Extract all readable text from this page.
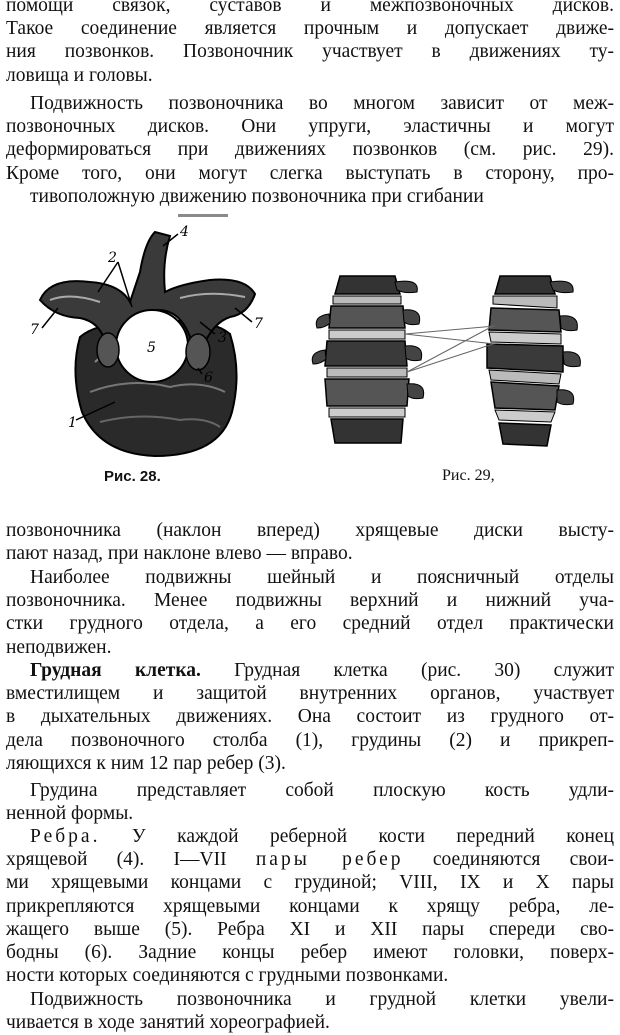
помощи связок, суставов и межпозвоночных дисков.
Такое соединение является прочным и допускает движе-
ния позвонков. Позвоночник участвует в движениях ту-
ловища и головы.

Подвижность позвоночника во многом зависит от меж-
позвоночных дисков. Они упруги, эластичны и могут
деформироваться при движениях позвонков (см. рис. 29).
Кроме того, они могут слегка выступать в сторону, про-
тивоположную движению позвоночника при сгибании

1
2
3
4
5
6
7	7
Рис. 28.	Рис. 29,

позвоночника (наклон вперед) хрящевые диски высту-
пают назад, при наклоне влево — вправо.

Наиболее подвижны шейный и поясничный отделы
позвоночника. Менее подвижны верхний и нижний уча-
стки грудного отдела, а его средний отдел практически
неподвижен.

Грудная клетка. Грудная клетка (рис. 30) служит
вместилищем и защитой внутренних органов, участвует
в дыхательных движениях. Она состоит из грудного от-
дела позвоночного столба (1), грудины (2) и прикреп-
ляющихся к ним 12 пар ребер (3).

Грудина представляет собой плоскую кость удли-
ненной формы.

Ребра. У каждой реберной кости передний конец
хрящевой (4). I—VII пары ребер соединяются свои-
ми хрящевыми концами с грудиной; VIII, IX и X пары
прикрепляются хрящевыми концами к хрящу ребра, ле-
жащего выше (5). Ребра XI и XII пары спереди сво-
бодны (6). Задние концы ребер имеют головки, поверх-
ности которых соединяются с грудными позвонками.

Подвижность позвоночника и грудной клетки увели-
чивается в ходе занятий хореографией.
